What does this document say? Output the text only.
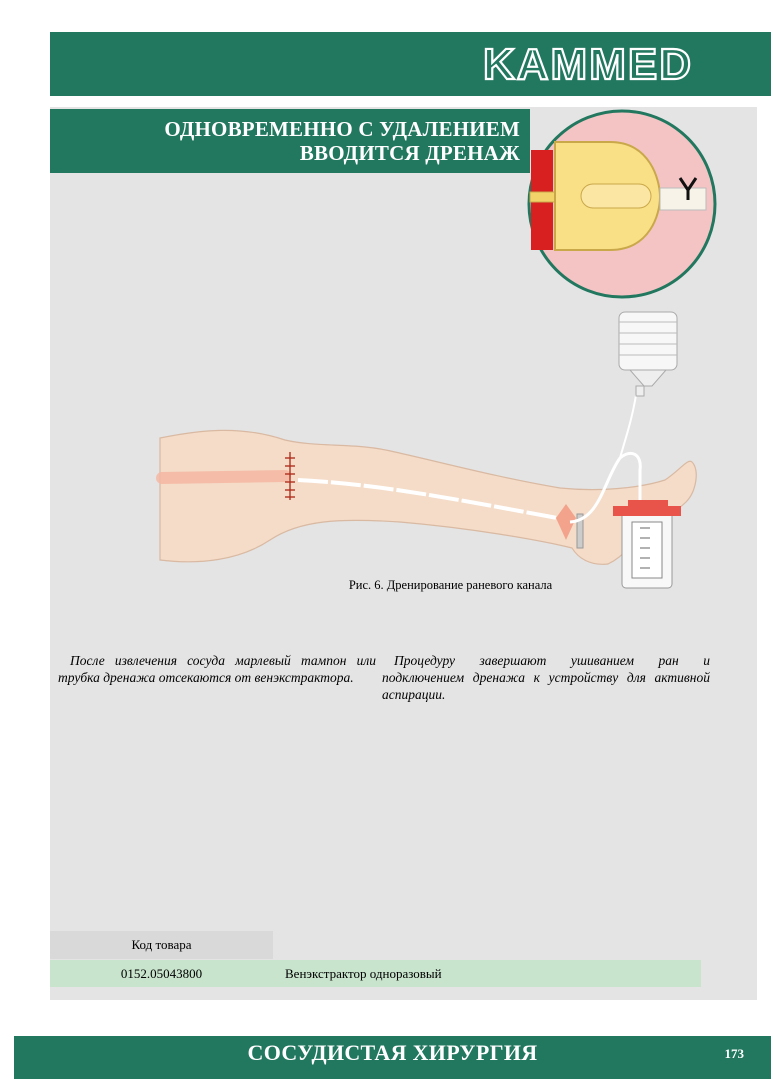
KAMMED
ОДНОВРЕМЕННО С УДАЛЕНИЕМ
ВВОДИТСЯ ДРЕНАЖ
Рис. 6. Дренирование раневого канала

После извлечения сосуда марлевый тампон или трубка дренажа отсекаются от венэкстрактора.

Процедуру завершают ушиванием ран и подключением дренажа к устройству для активной аспирации.

Код товара
0152.05043800	Венэкстрактор одноразовый
СОСУДИСТАЯ ХИРУРГИЯ	173
